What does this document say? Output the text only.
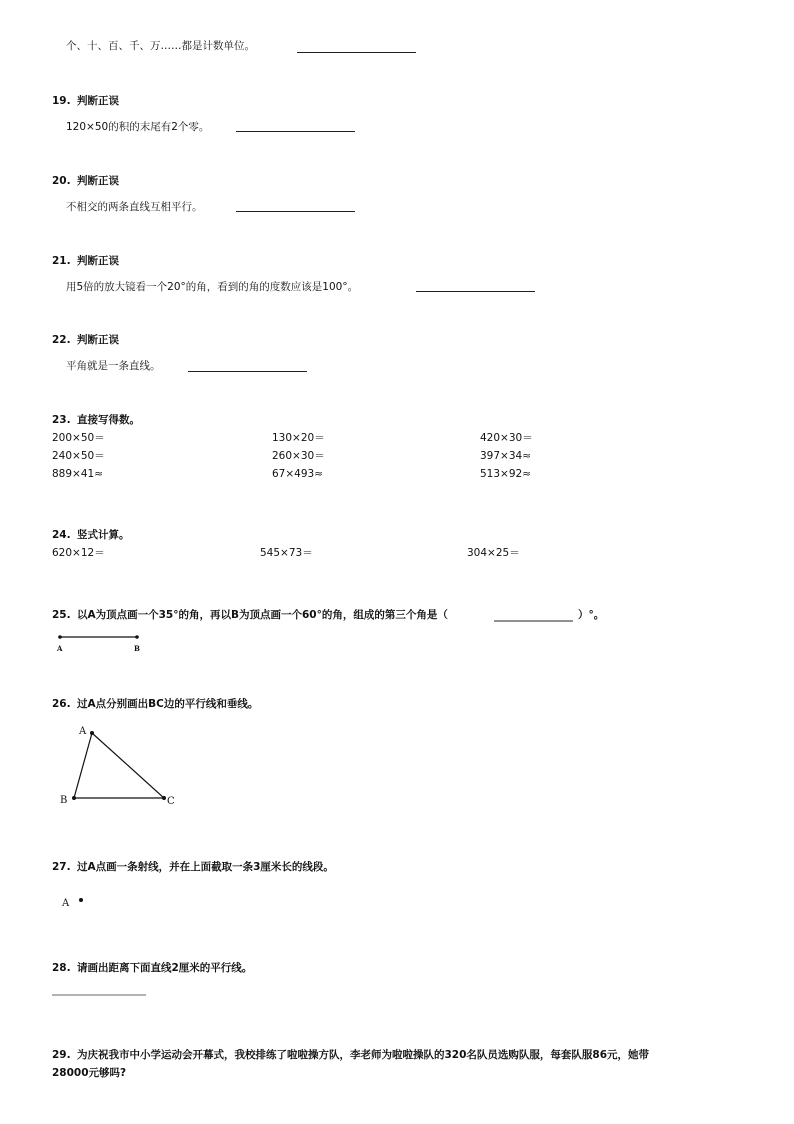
个、十、百、千、万……都是计数单位。
19. 判断正误
120×50的积的末尾有2个零。
20. 判断正误
不相交的两条直线互相平行。
21. 判断正误
用5倍的放大镜看一个20°的角，看到的角的度数应该是100°。
22. 判断正误
平角就是一条直线。
23. 直接写得数。
200×50＝	130×20＝	420×30＝
240×50＝	260×30＝	397×34≈
889×41≈	67×493≈	513×92≈
24. 竖式计算。
620×12＝	545×73＝	304×25＝
25. 以A为顶点画一个35°的角，再以B为顶点画一个60°的角，组成的第三个角是（	）°。
A	B
26. 过A点分别画出BC边的平行线和垂线。
A
B	C
27. 过A点画一条射线，并在上面截取一条3厘米长的线段。
A
28. 请画出距离下面直线2厘米的平行线。
29. 为庆祝我市中小学运动会开幕式，我校排练了啦啦操方队，李老师为啦啦操队的320名队员选购队服，每套队服86元，她带
28000元够吗?
